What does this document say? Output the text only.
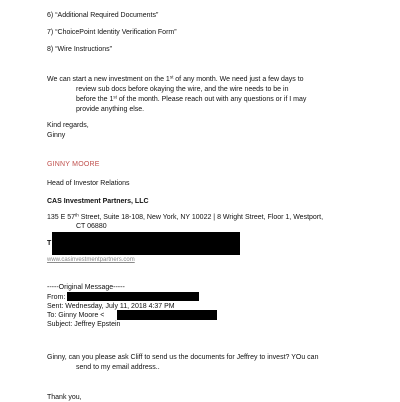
6) “Additional Required Documents”
7) “ChoicePoint Identity Verification Form”
8) “Wire Instructions”
We can start a new investment on the 1st of any month. We need just a few days to
review sub docs before okaying the wire, and the wire needs to be in
before the 1st of the month. Please reach out with any questions or if I may
provide anything else.
Kind regards,
Ginny
GINNY MOORE
Head of Investor Relations
CAS Investment Partners, LLC
135 E 57th Street, Suite 18-108, New York, NY 10022 | 8 Wright Street, Floor 1, Westport,
CT 06880
T
www.casinvestmentpartners.com
-----Original Message-----
From:
Sent: Wednesday, July 11, 2018 4:37 PM
To: Ginny Moore <
Subject: Jeffrey Epstein
Ginny, can you please ask Cliff to send us the documents for Jeffrey to invest? YOu can
send to my email address..
Thank you,
